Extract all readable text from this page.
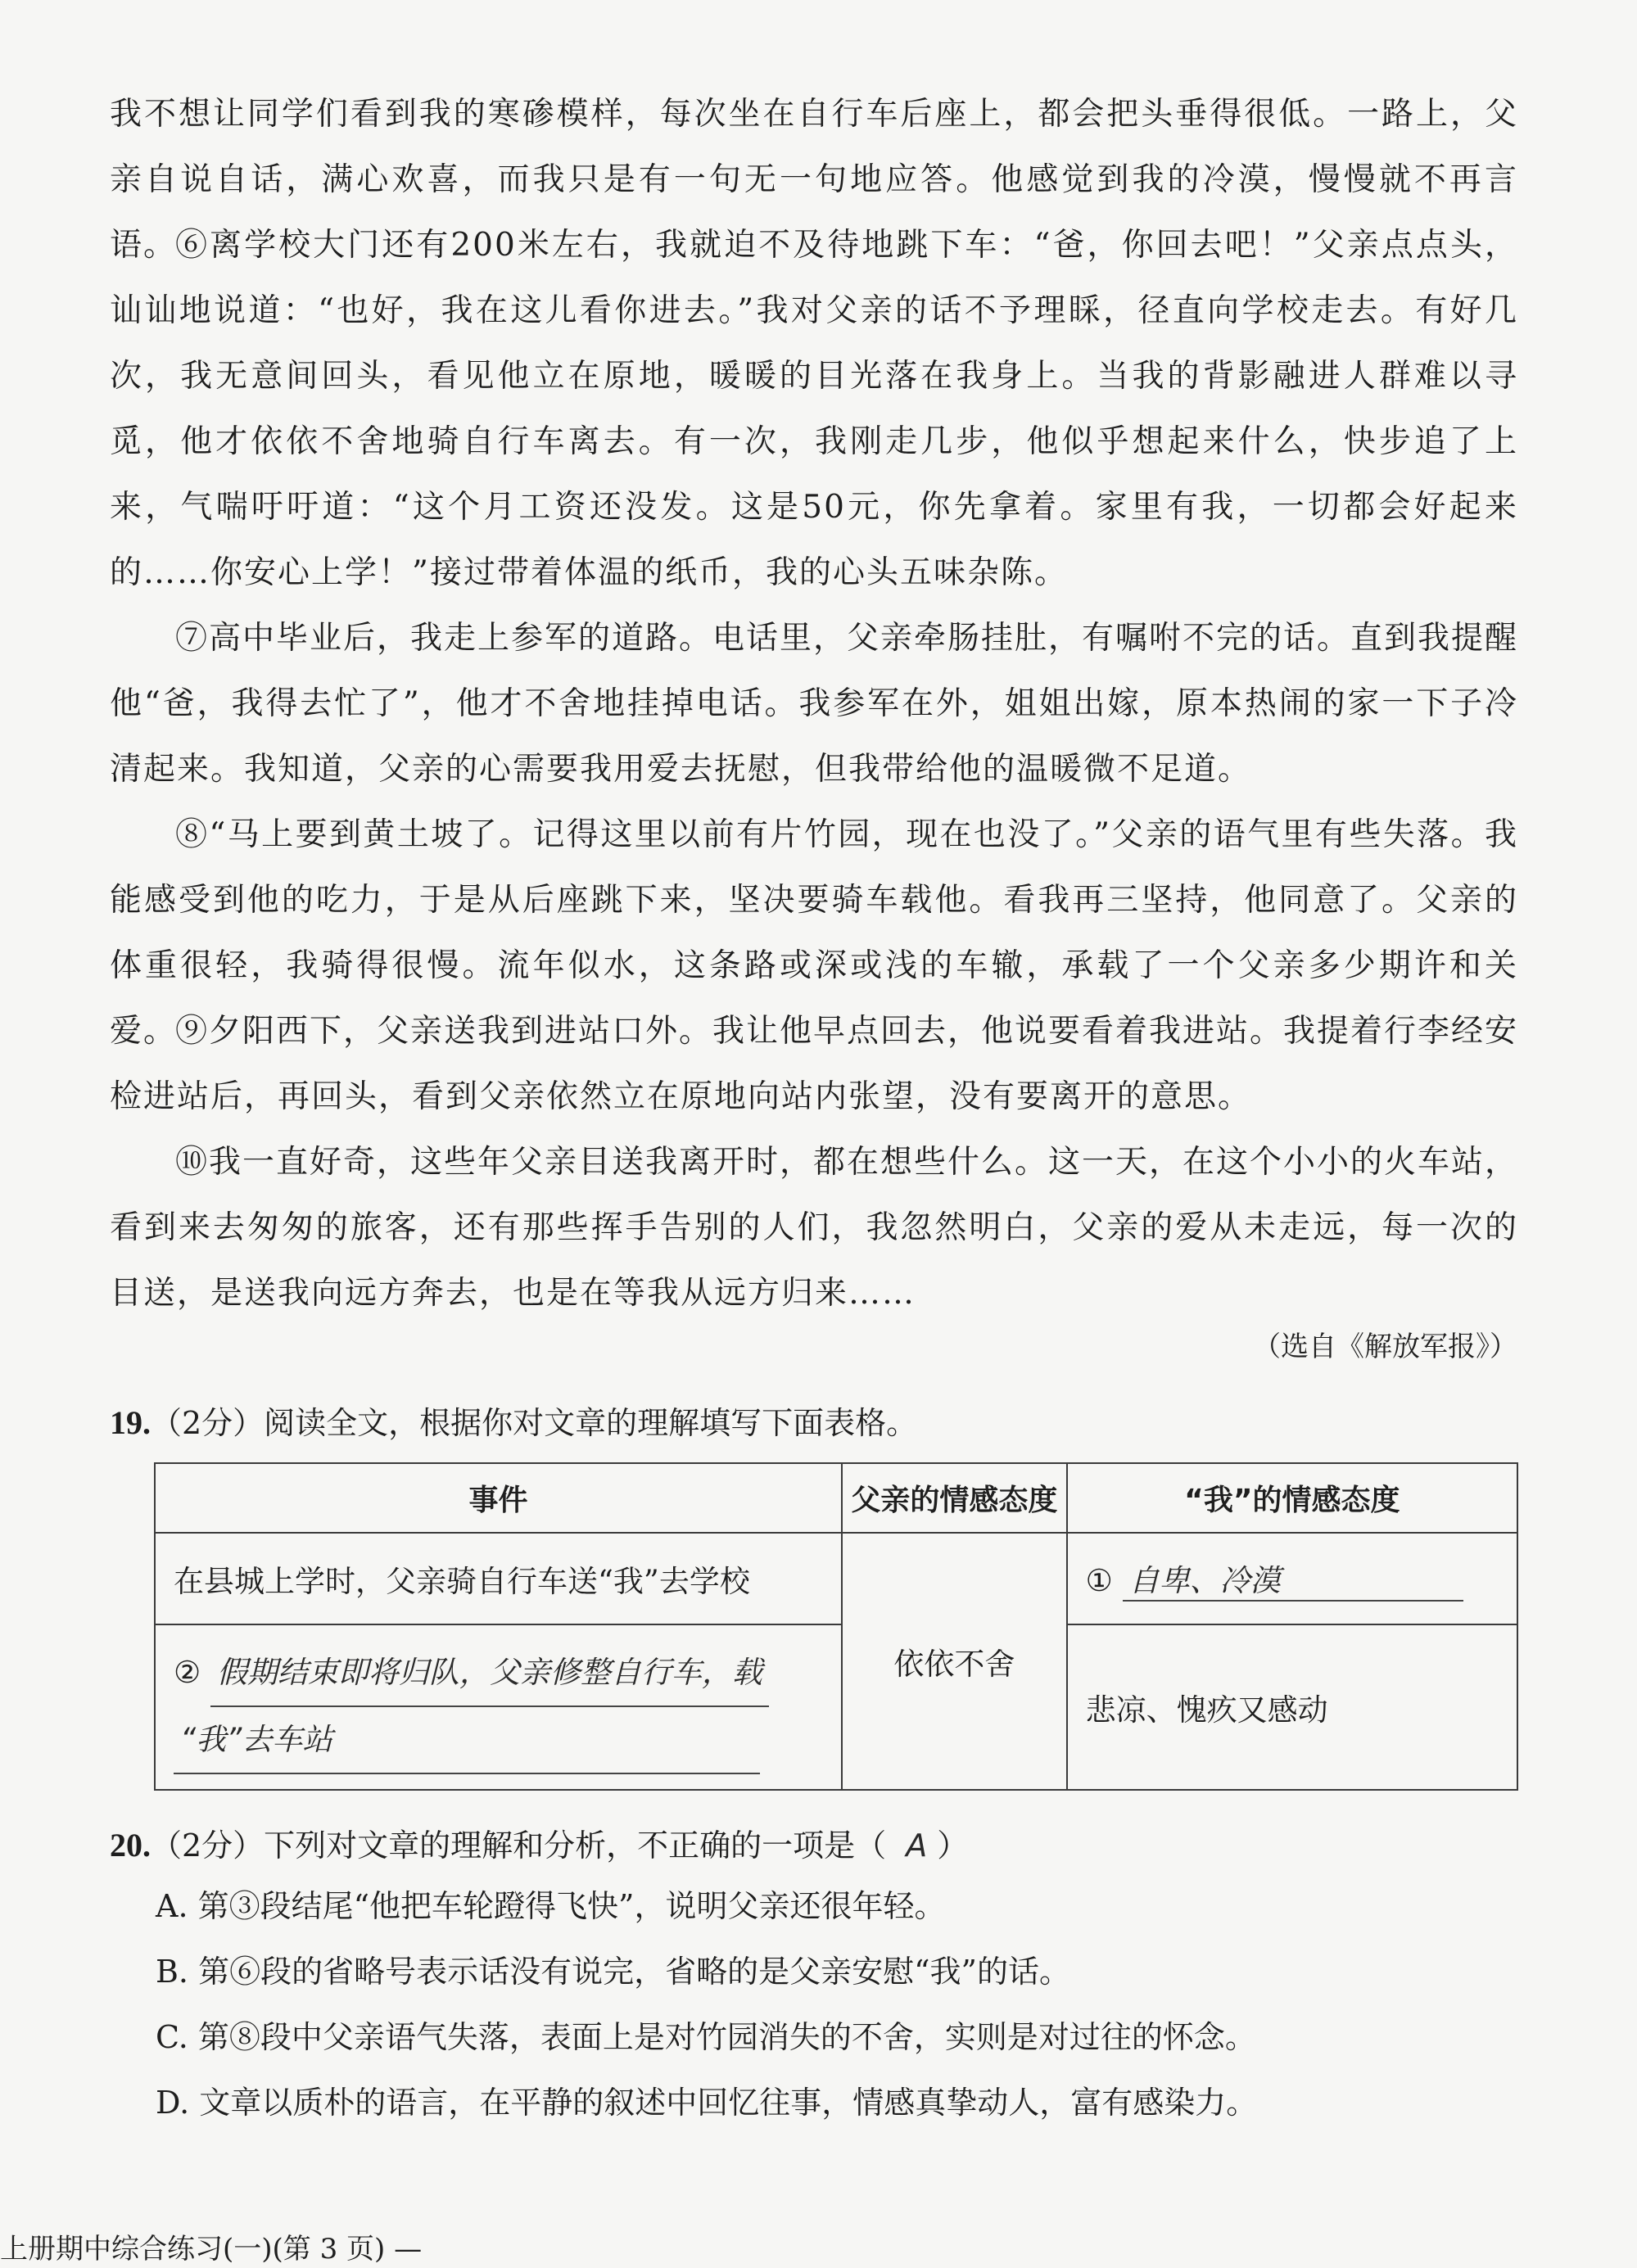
我不想让同学们看到我的寒碜模样，每次坐在自行车后座上，都会把头垂得很低。一路上，父亲自说自话，满心欢喜，而我只是有一句无一句地应答。他感觉到我的冷漠，慢慢就不再言语。

⑥离学校大门还有200米左右，我就迫不及待地跳下车：“爸，你回去吧！”父亲点点头，讪讪地说道：“也好，我在这儿看你进去。”我对父亲的话不予理睬，径直向学校走去。有好几次，我无意间回头，看见他立在原地，暖暖的目光落在我身上。当我的背影融进人群难以寻觅，他才依依不舍地骑自行车离去。有一次，我刚走几步，他似乎想起来什么，快步追了上来，气喘吁吁道：“这个月工资还没发。这是50元，你先拿着。家里有我，一切都会好起来的……你安心上学！”接过带着体温的纸币，我的心头五味杂陈。

⑦高中毕业后，我走上参军的道路。电话里，父亲牵肠挂肚，有嘱咐不完的话。直到我提醒他“爸，我得去忙了”，他才不舍地挂掉电话。我参军在外，姐姐出嫁，原本热闹的家一下子冷清起来。我知道，父亲的心需要我用爱去抚慰，但我带给他的温暖微不足道。

⑧“马上要到黄土坡了。记得这里以前有片竹园，现在也没了。”父亲的语气里有些失落。我能感受到他的吃力，于是从后座跳下来，坚决要骑车载他。看我再三坚持，他同意了。父亲的体重很轻，我骑得很慢。流年似水，这条路或深或浅的车辙，承载了一个父亲多少期许和关爱。

⑨夕阳西下，父亲送我到进站口外。我让他早点回去，他说要看着我进站。我提着行李经安检进站后，再回头，看到父亲依然立在原地向站内张望，没有要离开的意思。

⑩我一直好奇，这些年父亲目送我离开时，都在想些什么。这一天，在这个小小的火车站，看到来去匆匆的旅客，还有那些挥手告别的人们，我忽然明白，父亲的爱从未走远，每一次的目送，是送我向远方奔去，也是在等我从远方归来……

（选自《解放军报》）

19.（2分）阅读全文，根据你对文章的理解填写下面表格。

事件	父亲的情感态度	“我”的情感态度
在县城上学时，父亲骑自行车送“我”去学校	依依不舍	① 自卑、冷漠

② 假期结束即将归队，父亲修整自行车，载
“我”去车站		悲凉、愧疚又感动

20.（2分）下列对文章的理解和分析，不正确的一项是（ A ）

A. 第③段结尾“他把车轮蹬得飞快”，说明父亲还很年轻。

B. 第⑥段的省略号表示话没有说完，省略的是父亲安慰“我”的话。

C. 第⑧段中父亲语气失落，表面上是对竹园消失的不舍，实则是对过往的怀念。

D. 文章以质朴的语言，在平静的叙述中回忆往事，情感真挚动人，富有感染力。

上册期中综合练习(一)(第 3 页) —
